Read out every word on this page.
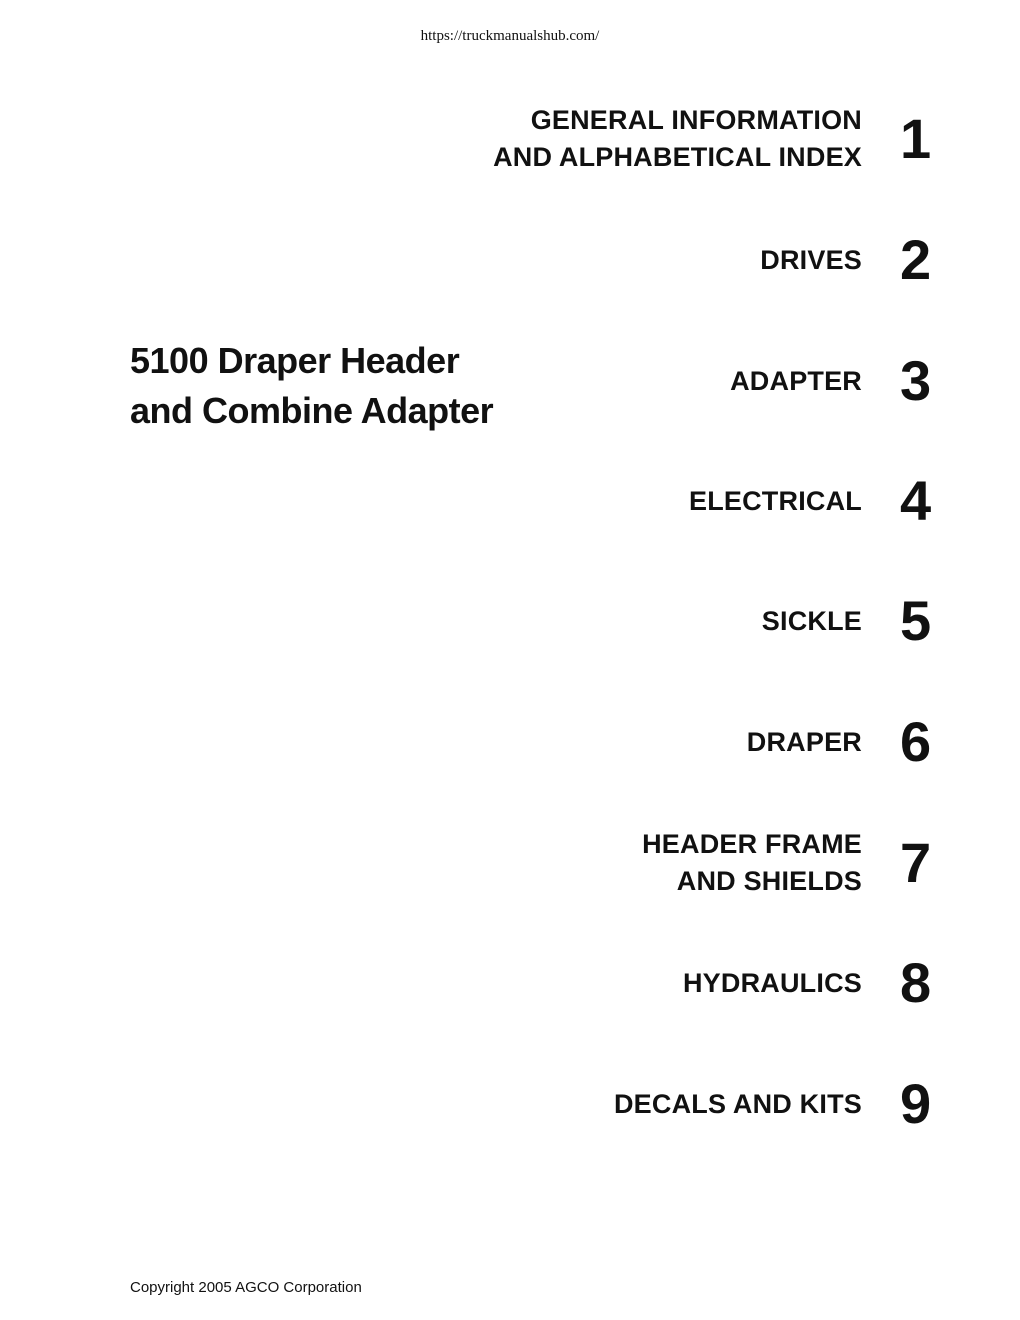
https://truckmanualshub.com/
5100 Draper Header
and Combine Adapter
GENERAL INFORMATION
AND ALPHABETICAL INDEX 1
DRIVES 2
ADAPTER 3
ELECTRICAL 4
SICKLE 5
DRAPER 6
HEADER FRAME
AND SHIELDS 7
HYDRAULICS 8
DECALS AND KITS 9
Copyright 2005 AGCO Corporation
